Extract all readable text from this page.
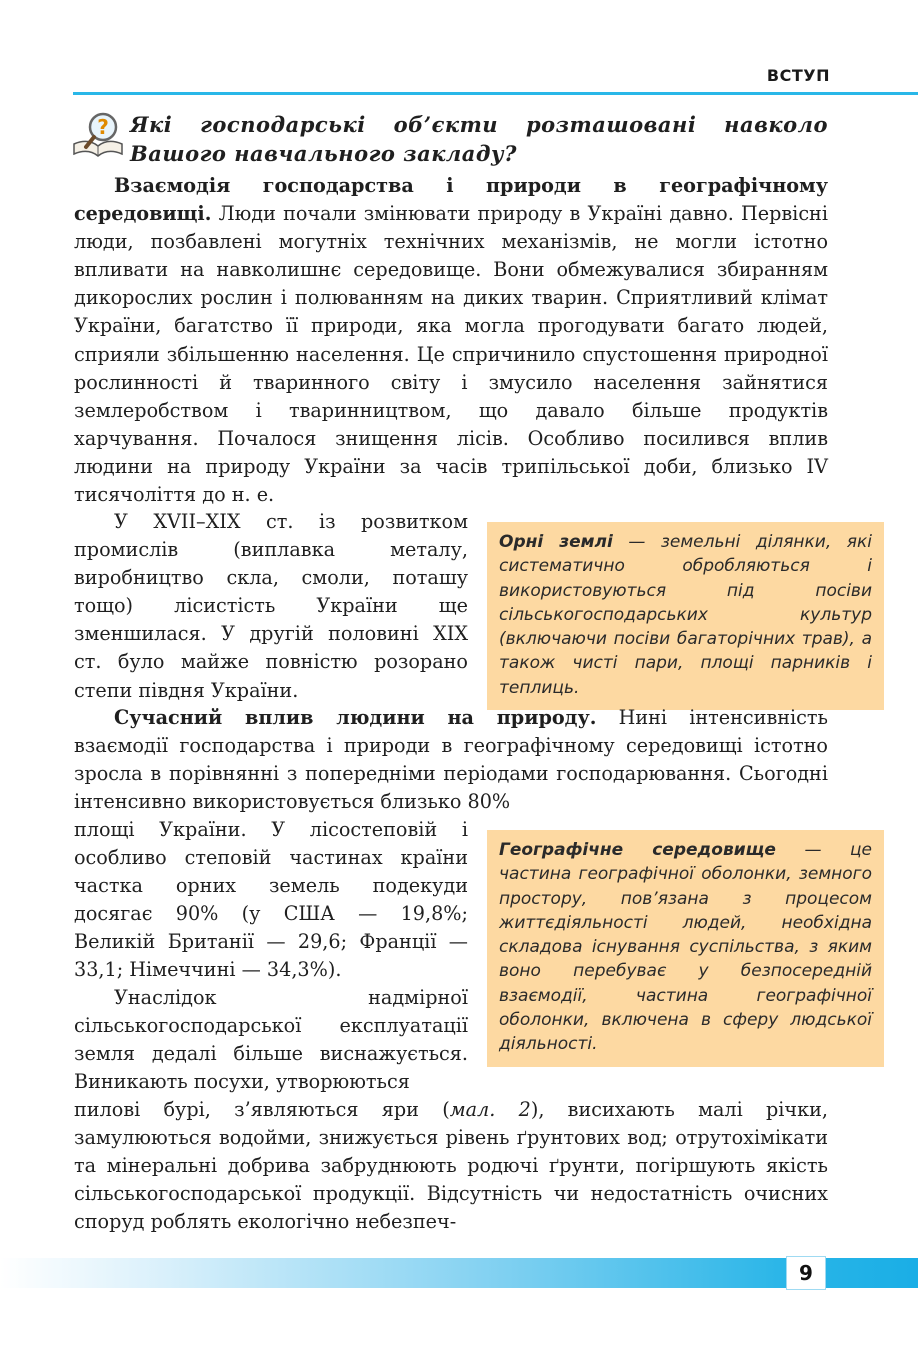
ВСТУП
? Які господарські об’єкти розташовані навколо Вашого навчального закладу?

Взаємодія господарства і природи в географічному середовищі. Люди почали змінювати природу в Україні давно. Первісні люди, позбавлені могутніх технічних механізмів, не могли істотно впливати на навколишнє середовище. Вони обмежувалися збиранням дикорослих рослин і полюванням на диких тварин. Сприятливий клімат України, багатство її природи, яка могла прогодувати багато людей, сприяли збільшенню населення. Це спричинило спустошення природної рослинності й тваринного світу і змусило населення зайнятися землеробством і тваринництвом, що давало більше продуктів харчування. Почалося знищення лісів. Особливо посилився вплив людини на природу України за часів трипільської доби, близько IV тисячоліття до н. е.

У XVII–XIX ст. із розвитком промислів (виплавка металу, виробництво скла, смоли, поташу тощо) лісистість України ще зменшилася. У другій половині XIX ст. було майже повністю розорано степи півдня України.

Орні землі — земельні ділянки, які систематично обробляються і використовуються під посіви сільськогосподарських культур (включаючи посіви багаторічних трав), а також чисті пари, площі парників і теплиць.

Сучасний вплив людини на природу. Нині інтенсивність взаємодії господарства і природи в географічному середовищі істотно зросла в порівнянні з попередніми періодами господарювання. Сьогодні інтенсивно використовується близько 80%

площі України. У лісостеповій і особливо степовій частинах країни частка орних земель подекуди досягає 90% (у США — 19,8%; Великій Британії — 29,6; Франції — 33,1; Німеччині — 34,3%).

Географічне середовище — це частина географічної оболонки, земного простору, пов’язана з процесом життєдіяльності людей, необхідна складова існування суспільства, з яким воно перебуває у безпосередній взаємодії, частина географічної оболонки, включена в сферу людської діяльності.

Унаслідок надмірної сільськогосподарської експлуатації земля дедалі більше виснажується. Виникають посухи, утворюються

пилові бурі, з’являються яри (мал. 2), висихають малі річки, замулюються водойми, знижується рівень ґрунтових вод; отрутохімікати та мінеральні добрива забруднюють родючі ґрунти, погіршують якість сільськогосподарської продукції. Відсутність чи недостатність очисних споруд роблять екологічно небезпеч-

9
